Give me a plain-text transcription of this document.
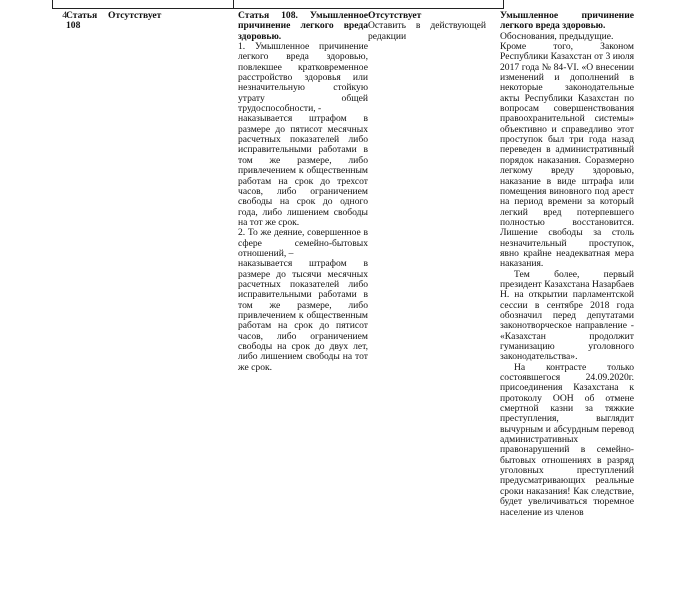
4 Статья 108
Отсутствует	Статья 108. Умышленное причинение легкого вреда здоровью.

1. Умышленное причинение легкого вреда здоровью, повлекшее кратковременное расстройство здоровья или незначительную стойкую утрату общей трудоспособности, -

наказывается штрафом в размере до пятисот месячных расчетных показателей либо исправительными работами в том же размере, либо привлечением к общественным работам на срок до трехсот часов, либо ограничением свободы на срок до одного года, либо лишением свободы на тот же срок.

2. То же деяние, совершенное в сфере семейно-бытовых отношений, –

наказывается штрафом в размере до тысячи месячных расчетных показателей либо исправительными работами в том же размере, либо привлечением к общественным работам на срок до пятисот часов, либо ограничением свободы на срок до двух лет, либо лишением свободы на тот же срок.

Отсутствует
Оставить в действующей редакции

Умышленное причинение легкого вреда здоровью.

Обоснования, предыдущие.

Кроме того, Законом Республики Казахстан от 3 июля 2017 года № 84-VI. «О внесении изменений и дополнений в некоторые законодательные акты Республики Казахстан по вопросам совершенствования правоохранительной системы» объективно и справедливо этот проступок был три года назад переведен в административный порядок наказания. Соразмерно легкому вреду здоровью, наказание в виде штрафа или помещения виновного под арест на период времени за который легкий вред потерпевшего полностью восстановится. Лишение свободы за столь незначительный проступок, явно крайне неадекватная мера наказания.

Тем более, первый президент Казахстана Назарбаев Н. на открытии парламентской сессии в сентябре 2018 года обозначил перед депутатами законотворческое направление - «Казахстан продолжит гуманизацию уголовного законодательства».

На контрасте только состоявшегося 24.09.2020г. присоединения Казахстана к протоколу ООН об отмене смертной казни за тяжкие преступления, выглядит вычурным и абсурдным перевод административных правонарушений в семейно-бытовых отношениях в разряд уголовных преступлений предусматривающих реальные сроки наказания! Как следствие, будет увеличиваться тюремное население из членов
